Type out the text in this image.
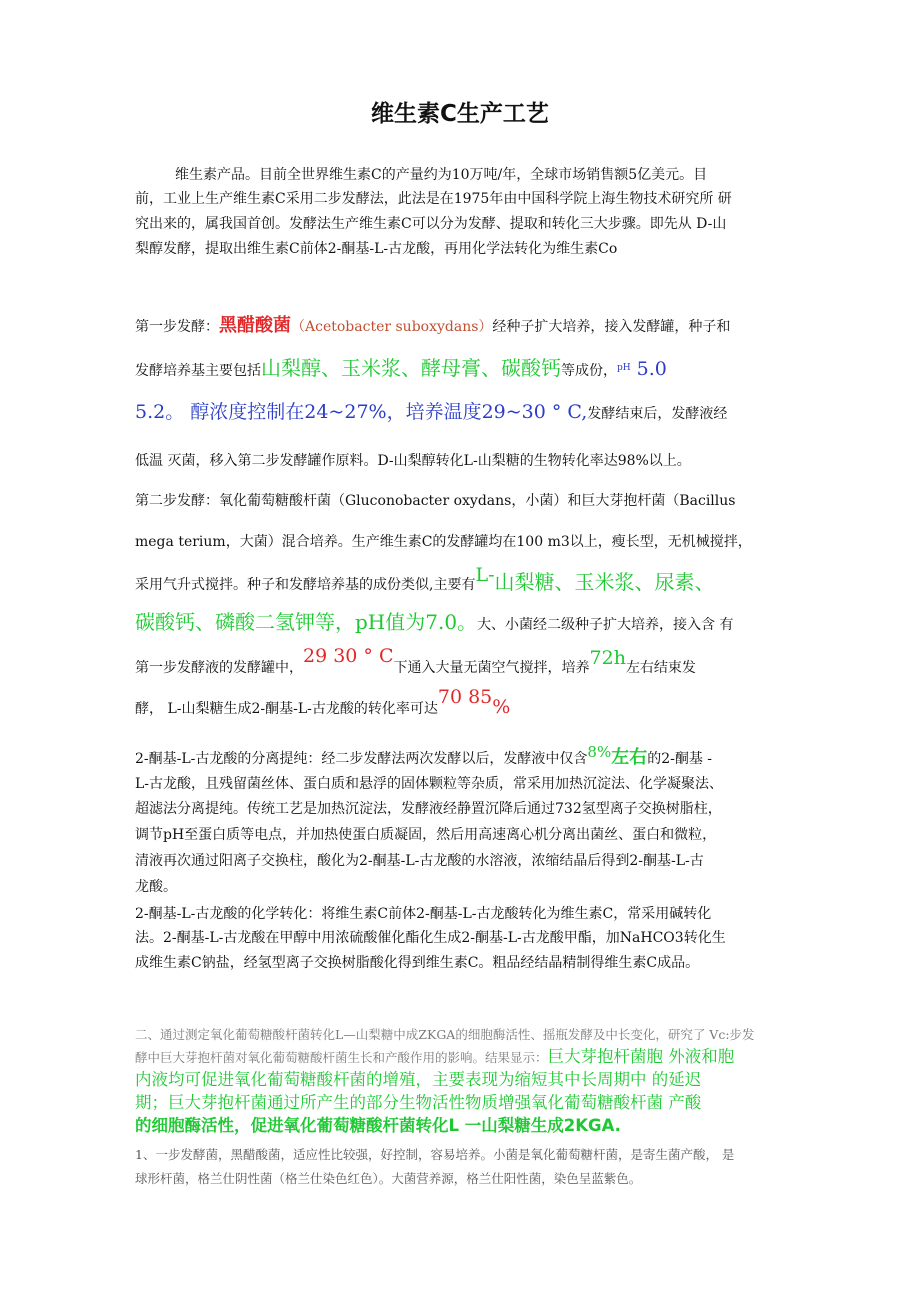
维生素C生产工艺
维生素产品。目前全世界维生素C的产量约为10万吨/年，全球市场销售额5亿美元。目
前，工业上生产维生素C采用二步发酵法，此法是在1975年由中国科学院上海生物技术研究所 研
究出来的，属我国首创。发酵法生产维生素C可以分为发酵、提取和转化三大步骤。即先从 D-山
梨醇发酵，提取出维生素C前体2-酮基-L-古龙酸，再用化学法转化为维生素Co
第一步发酵：黑醋酸菌（Acetobacter suboxydans）经种子扩大培养，接入发酵罐，种子和
发酵培养基主要包括山梨醇、玉米浆、酵母膏、碳酸钙等成份，$^{pH}$ 5.0
5.2。 醇浓度控制在24~27%，培养温度29~30 ° C,发酵结束后，发酵液经
低温 灭菌，移入第二步发酵罐作原料。D-山梨醇转化L-山梨糖的生物转化率达98%以上。
第二步发酵：氧化葡萄糖酸杆菌（Gluconobacter oxydans，小菌）和巨大芽抱杆菌（Bacillus
mega terium，大菌）混合培养。生产维生素C的发酵罐均在100 m3以上，瘦长型，无机械搅拌，
采用气升式搅拌。种子和发酵培养基的成份类似,主要有L-山梨糖、玉米浆、尿素、
碳酸钙、磷酸二氢钾等，pH值为7.0。大、小菌经二级种子扩大培养，接入含 有
第一步发酵液的发酵罐中，29 30 ° C下通入大量无菌空气搅拌，培养72h左右结束发
酵， L-山梨糖生成2-酮基-L-古龙酸的转化率可达70 85%
2-酮基-L-古龙酸的分离提纯：经二步发酵法两次发酵以后，发酵液中仅含8%左右的2-酮基 -
L-古龙酸，且残留菌丝体、蛋白质和悬浮的固体颗粒等杂质，常采用加热沉淀法、化学凝聚法、
超滤法分离提纯。传统工艺是加热沉淀法，发酵液经静置沉降后通过732氢型离子交换树脂柱，
调节pH至蛋白质等电点，并加热使蛋白质凝固，然后用高速离心机分离出菌丝、蛋白和微粒，
清液再次通过阳离子交换柱，酸化为2-酮基-L-古龙酸的水溶液，浓缩结晶后得到2-酮基-L-古
龙酸。
2-酮基-L-古龙酸的化学转化：将维生素C前体2-酮基-L-古龙酸转化为维生素C，常采用碱转化
法。2-酮基-L-古龙酸在甲醇中用浓硫酸催化酯化生成2-酮基-L-古龙酸甲酯，加NaHCO3转化生
成维生素C钠盐，经氢型离子交换树脂酸化得到维生素C。粗品经结晶精制得维生素C成品。
二、通过测定氧化葡萄糖酸杆菌转化L—山梨糖中成ZKGA的细胞酶活性、摇瓶发酵及中长变化，研究了 Vc:步发
酵中巨大芽抱杆菌对氧化葡萄糖酸杆菌生长和产酸作用的影响。结果显示：巨大芽抱杆菌胞 外液和胞
内液均可促进氧化葡萄糖酸杆菌的增殖，主要表现为缩短其中长周期中 的延迟
期；巨大芽抱杆菌通过所产生的部分生物活性物质增强氧化葡萄糖酸杆菌 产酸
的细胞酶活性，促进氧化葡萄糖酸杆菌转化L 一山梨糖生成2KGA.
1、一步发酵菌，黑醋酸菌，适应性比较强，好控制，容易培养。小菌是氧化葡萄糖杆菌，是寄生菌产酸， 是
球形杆菌，格兰仕阴性菌（格兰仕染色红色）。大菌营养源，格兰仕阳性菌，染色呈蓝紫色。
